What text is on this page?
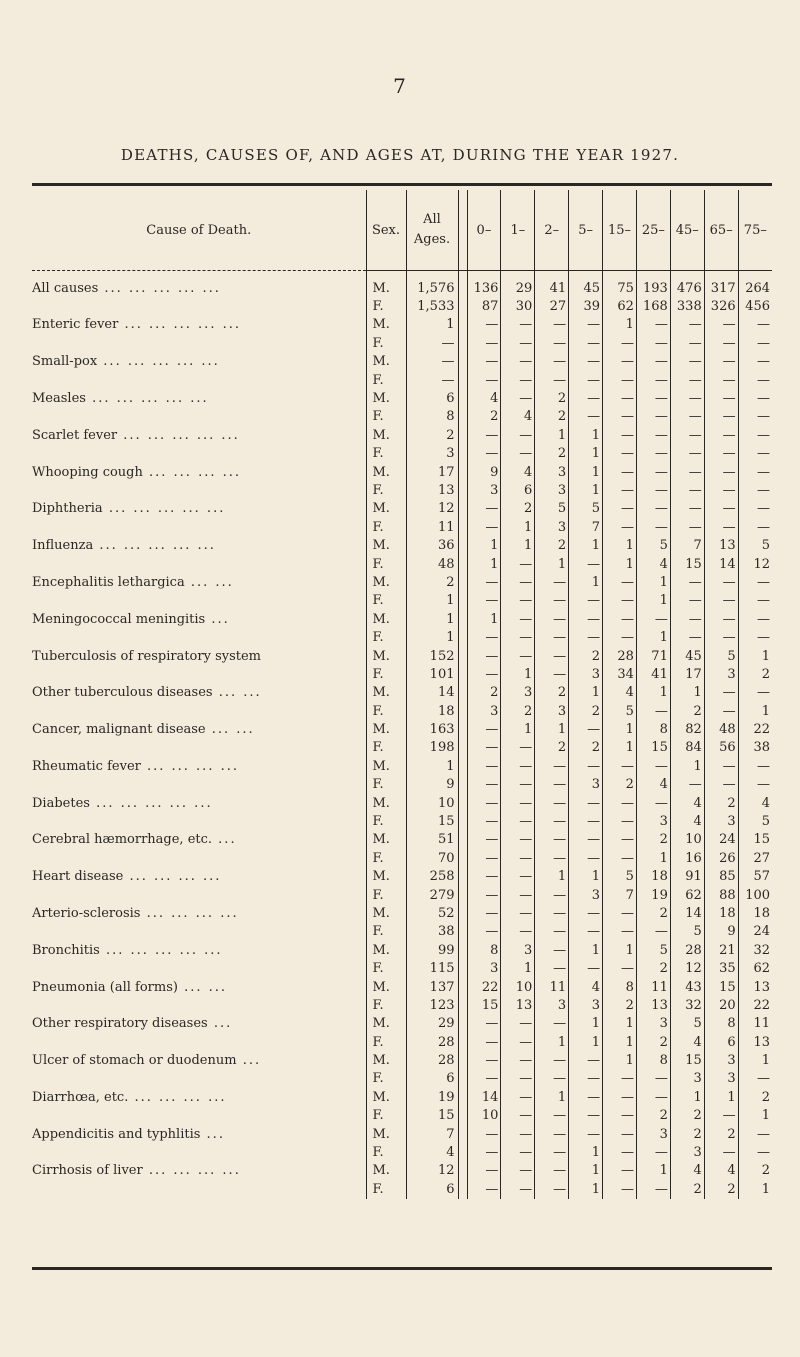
7
DEATHS, CAUSES OF, AND AGES AT, DURING THE YEAR 1927.
Cause of Death.	Sex.	All
Ages.		0–	1–	2–	5–	15–	25–	45–	65–	75–

All causes ... ... ... ... ...	M.	1,576		136	29	41	45	75	193	476	317	264
	F.	1,533		87	30	27	39	62	168	338	326	456
Enteric fever ... ... ... ... ...	M.	1		—	—	—	—	1	—	—	—	—
	F.	—		—	—	—	—	—	—	—	—	—
Small-pox ... ... ... ... ...	M.	—		—	—	—	—	—	—	—	—	—
	F.	—		—	—	—	—	—	—	—	—	—
Measles ... ... ... ... ...	M.	6		4	—	2	—	—	—	—	—	—
	F.	8		2	4	2	—	—	—	—	—	—
Scarlet fever ... ... ... ... ...	M.	2		—	—	1	1	—	—	—	—	—
	F.	3		—	—	2	1	—	—	—	—	—
Whooping cough ... ... ... ...	M.	17		9	4	3	1	—	—	—	—	—
	F.	13		3	6	3	1	—	—	—	—	—
Diphtheria ... ... ... ... ...	M.	12		—	2	5	5	—	—	—	—	—
	F.	11		—	1	3	7	—	—	—	—	—
Influenza ... ... ... ... ...	M.	36		1	1	2	1	1	5	7	13	5
	F.	48		1	—	1	—	1	4	15	14	12
Encephalitis lethargica ... ...	M.	2		—	—	—	1	—	1	—	—	—
	F.	1		—	—	—	—	—	1	—	—	—
Meningococcal meningitis ...	M.	1		1	—	—	—	—	—	—	—	—
	F.	1		—	—	—	—	—	1	—	—	—
Tuberculosis of respiratory system	M.	152		—	—	—	2	28	71	45	5	1
	F.	101		—	1	—	3	34	41	17	3	2
Other tuberculous diseases ... ...	M.	14		2	3	2	1	4	1	1	—	—
	F.	18		3	2	3	2	5	—	2	—	1
Cancer, malignant disease ... ...	M.	163		—	1	1	—	1	8	82	48	22
	F.	198		—	—	2	2	1	15	84	56	38
Rheumatic fever ... ... ... ...	M.	1		—	—	—	—	—	—	1	—	—
	F.	9		—	—	—	3	2	4	—	—	—
Diabetes ... ... ... ... ...	M.	10		—	—	—	—	—	—	4	2	4
	F.	15		—	—	—	—	—	3	4	3	5
Cerebral hæmorrhage, etc. ...	M.	51		—	—	—	—	—	2	10	24	15
	F.	70		—	—	—	—	—	1	16	26	27
Heart disease ... ... ... ...	M.	258		—	—	1	1	5	18	91	85	57
	F.	279		—	—	—	3	7	19	62	88	100
Arterio-sclerosis ... ... ... ...	M.	52		—	—	—	—	—	2	14	18	18
	F.	38		—	—	—	—	—	—	5	9	24
Bronchitis ... ... ... ... ...	M.	99		8	3	—	1	1	5	28	21	32
	F.	115		3	1	—	—	—	2	12	35	62
Pneumonia (all forms) ... ...	M.	137		22	10	11	4	8	11	43	15	13
	F.	123		15	13	3	3	2	13	32	20	22
Other respiratory diseases ...	M.	29		—	—	—	1	1	3	5	8	11
	F.	28		—	—	1	1	1	2	4	6	13
Ulcer of stomach or duodenum ...	M.	28		—	—	—	—	1	8	15	3	1
	F.	6		—	—	—	—	—	—	3	3	—
Diarrhœa, etc. ... ... ... ...	M.	19		14	—	1	—	—	—	1	1	2
	F.	15		10	—	—	—	—	2	2	—	1
Appendicitis and typhlitis ...	M.	7		—	—	—	—	—	3	2	2	—
	F.	4		—	—	—	1	—	—	3	—	—
Cirrhosis of liver ... ... ... ...	M.	12		—	—	—	1	—	1	4	4	2
	F.	6		—	—	—	1	—	—	2	2	1
